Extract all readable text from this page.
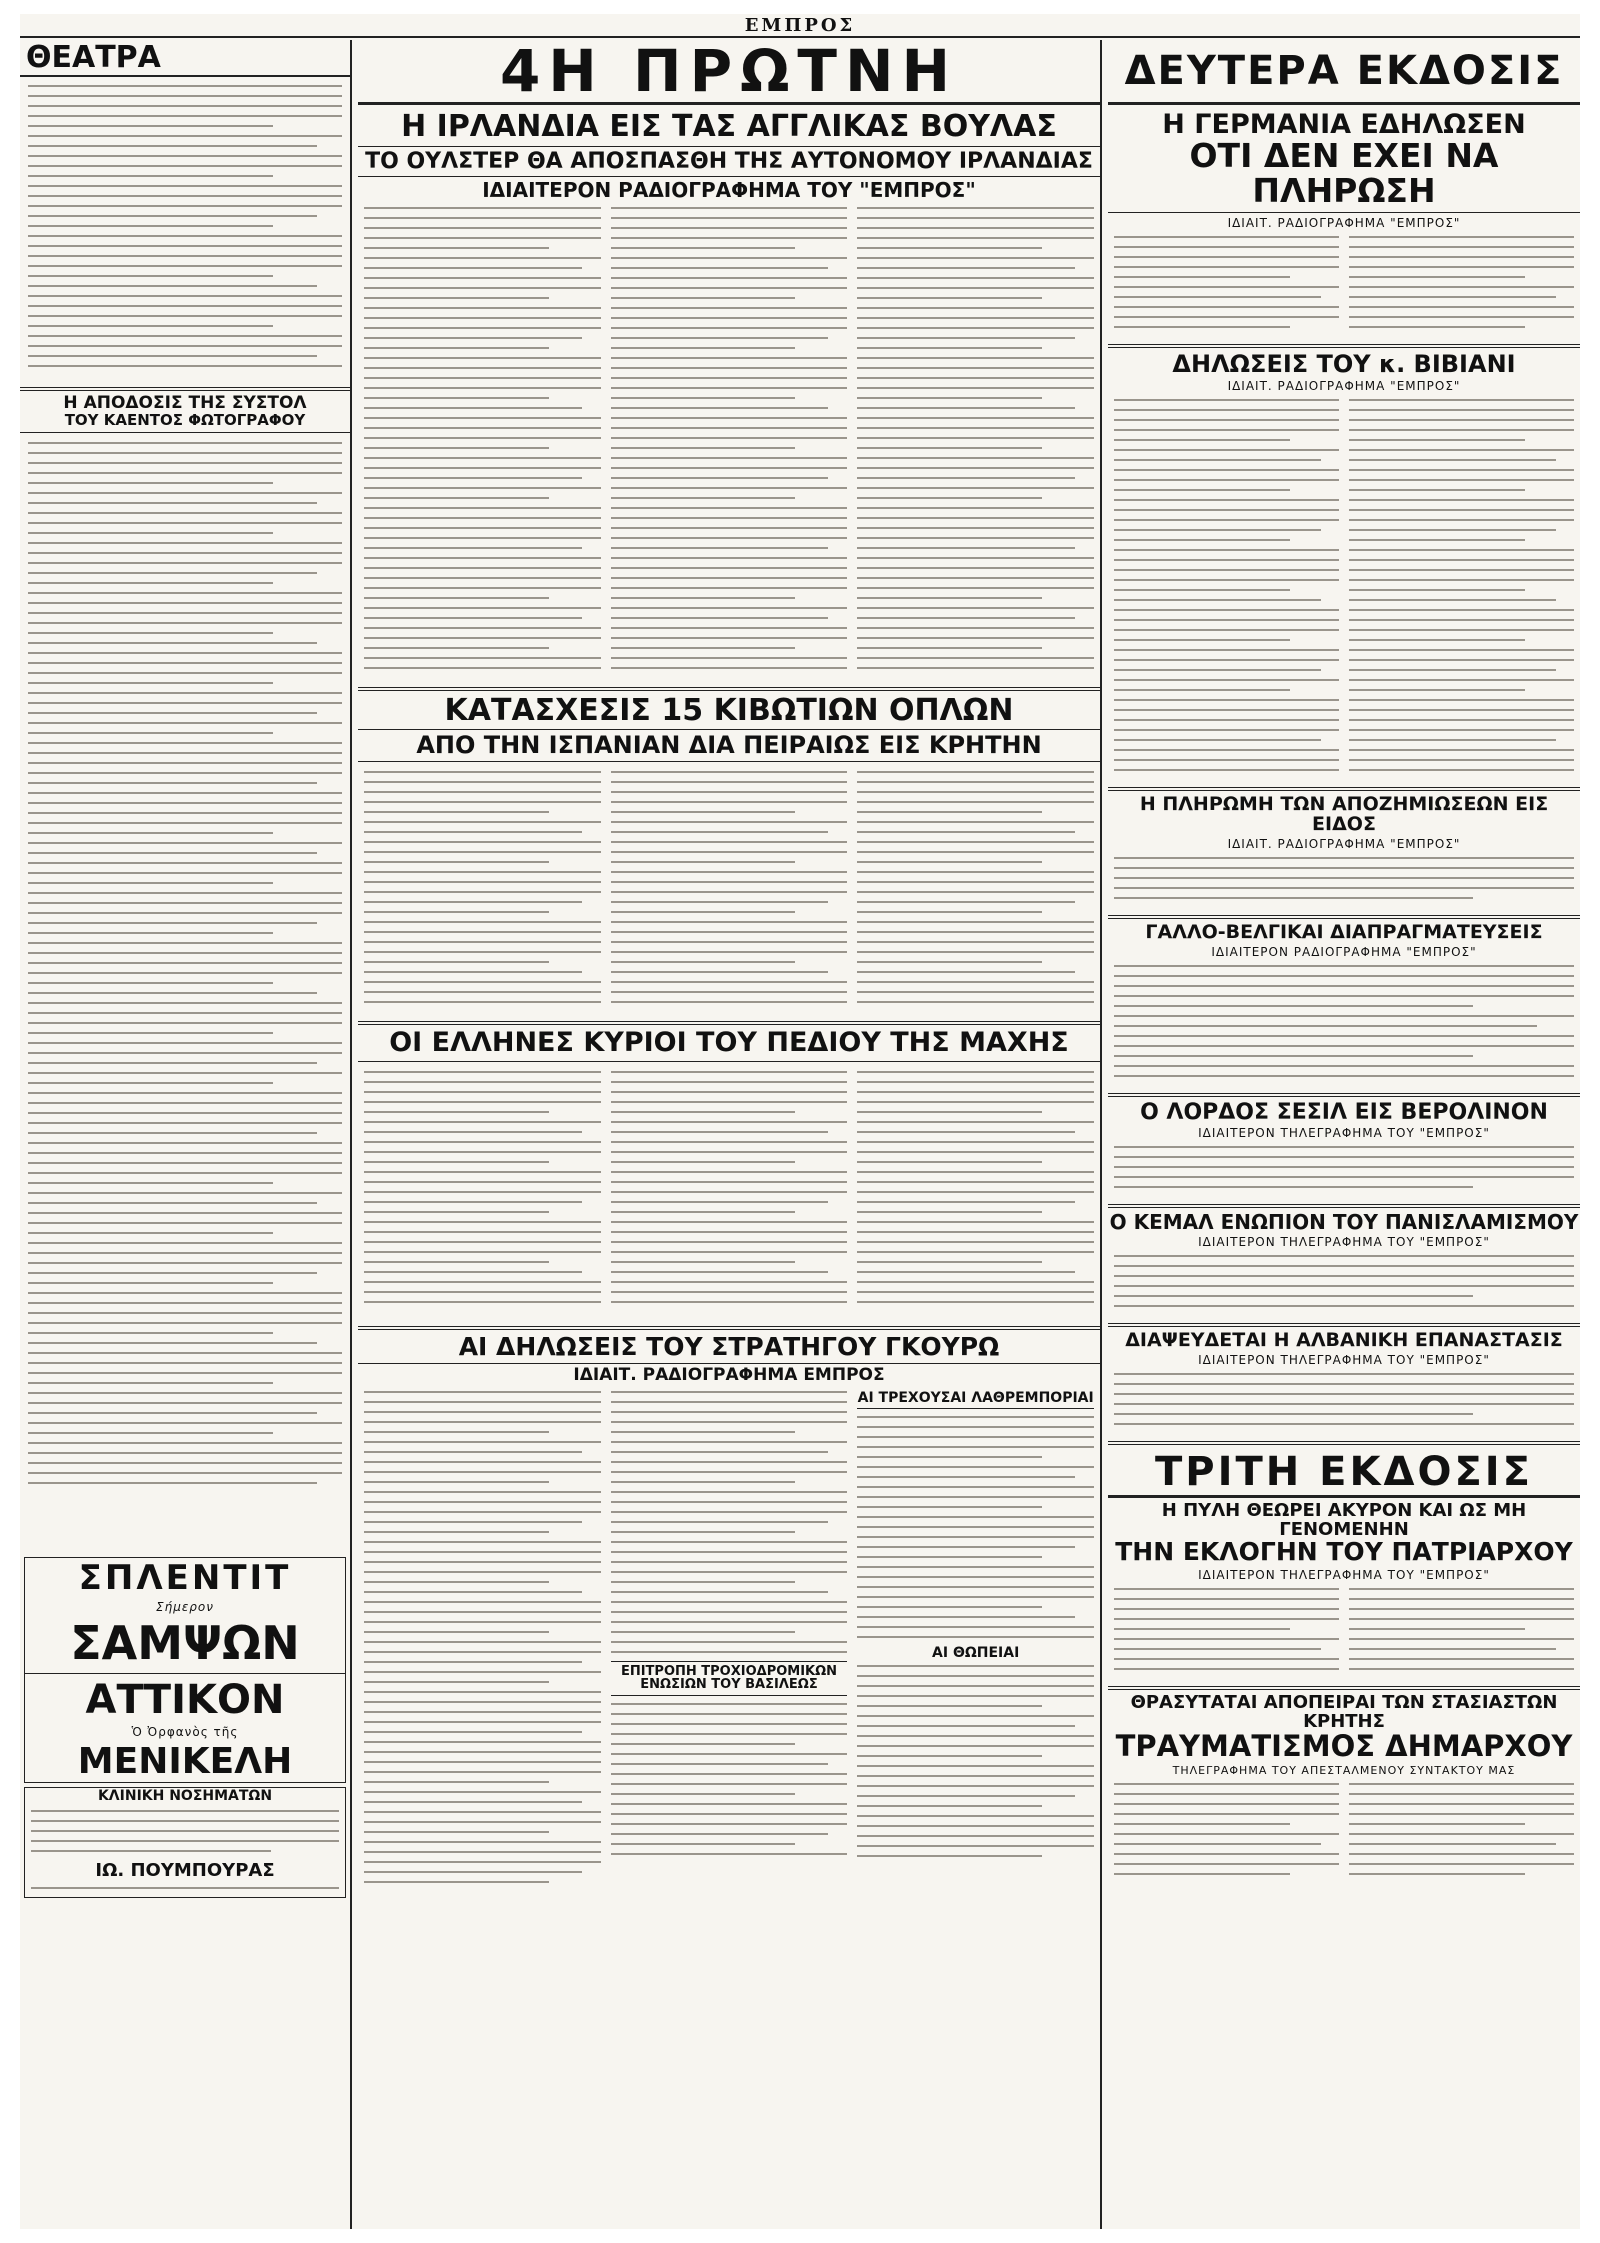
ΕΜΠΡΟΣ
ΘΕΑΤΡΑ
Η ΑΠΟΔΟΣΙΣ ΤΗΣ ΣΥΣΤΟΛ
ΤΟΥ ΚΑΕΝΤΟΣ ΦΩΤΟΓΡΑΦΟΥ
ΣΠΛΕΝΤΙΤ
Σήμερον
ΣΑΜΨΩΝ
ΑΤΤΙΚΟΝ
Ὁ Ὀρφανὸς τῆς
ΜΕΝΙΚΕΛΗ
ΚΛΙΝΙΚΗ ΝΟΣΗΜΑΤΩΝ
ΙΩ. ΠΟΥΜΠΟΥΡΑΣ
4Η ΠΡΩΤΝΗ
Η ΙΡΛΑΝΔΙΑ ΕΙΣ ΤΑΣ ΑΓΓΛΙΚΑΣ ΒΟΥΛΑΣ
ΤΟ ΟΥΛΣΤΕΡ ΘΑ ΑΠΟΣΠΑΣΘΗ ΤΗΣ ΑΥΤΟΝΟΜΟΥ ΙΡΛΑΝΔΙΑΣ
ΙΔΙΑΙΤΕΡΟΝ ΡΑΔΙΟΓΡΑΦΗΜΑ ΤΟΥ "ΕΜΠΡΟΣ"
ΚΑΤΑΣΧΕΣΙΣ 15 ΚΙΒΩΤΙΩΝ ΟΠΛΩΝ
ΑΠΟ ΤΗΝ ΙΣΠΑΝΙΑΝ ΔΙΑ ΠΕΙΡΑΙΩΣ ΕΙΣ ΚΡΗΤΗΝ
ΟΙ ΕΛΛΗΝΕΣ ΚΥΡΙΟΙ ΤΟΥ ΠΕΔΙΟΥ ΤΗΣ ΜΑΧΗΣ
ΑΙ ΔΗΛΩΣΕΙΣ ΤΟΥ ΣΤΡΑΤΗΓΟΥ ΓΚΟΥΡΩ
ΙΔΙΑΙΤ. ΡΑΔΙΟΓΡΑΦΗΜΑ ΕΜΠΡΟΣ
ΕΠΙΤΡΟΠΗ ΤΡΟΧΙΟΔΡΟΜΙΚΩΝ ΕΝΩΣΙΩΝ ΤΟΥ ΒΑΣΙΛΕΩΣ
ΑΙ ΤΡΕΧΟΥΣΑΙ ΛΑΘΡΕΜΠΟΡΙΑΙ
ΑΙ ΘΩΠΕΙΑΙ
ΔΕΥΤΕΡΑ ΕΚΔΟΣΙΣ
Η ΓΕΡΜΑΝΙΑ ΕΔΗΛΩΣΕΝ
ΟΤΙ ΔΕΝ ΕΧΕΙ ΝΑ ΠΛΗΡΩΣΗ
ΙΔΙΑΙΤ. ΡΑΔΙΟΓΡΑΦΗΜΑ "ΕΜΠΡΟΣ"
ΔΗΛΩΣΕΙΣ ΤΟΥ κ. ΒΙΒΙΑΝΙ
ΙΔΙΑΙΤ. ΡΑΔΙΟΓΡΑΦΗΜΑ "ΕΜΠΡΟΣ"
Η ΠΛΗΡΩΜΗ ΤΩΝ ΑΠΟΖΗΜΙΩΣΕΩΝ ΕΙΣ ΕΙΔΟΣ
ΙΔΙΑΙΤ. ΡΑΔΙΟΓΡΑΦΗΜΑ "ΕΜΠΡΟΣ"
ΓΑΛΛΟ-ΒΕΛΓΙΚΑΙ ΔΙΑΠΡΑΓΜΑΤΕΥΣΕΙΣ
ΙΔΙΑΙΤΕΡΟΝ ΡΑΔΙΟΓΡΑΦΗΜΑ "ΕΜΠΡΟΣ"
Ο ΛΟΡΔΟΣ ΣΕΣΙΛ ΕΙΣ ΒΕΡΟΛΙΝΟΝ
ΙΔΙΑΙΤΕΡΟΝ ΤΗΛΕΓΡΑΦΗΜΑ ΤΟΥ "ΕΜΠΡΟΣ"
Ο ΚΕΜΑΛ ΕΝΩΠΙΟΝ ΤΟΥ ΠΑΝΙΣΛΑΜΙΣΜΟΥ
ΙΔΙΑΙΤΕΡΟΝ ΤΗΛΕΓΡΑΦΗΜΑ ΤΟΥ "ΕΜΠΡΟΣ"
ΔΙΑΨΕΥΔΕΤΑΙ Η ΑΛΒΑΝΙΚΗ ΕΠΑΝΑΣΤΑΣΙΣ
ΙΔΙΑΙΤΕΡΟΝ ΤΗΛΕΓΡΑΦΗΜΑ ΤΟΥ "ΕΜΠΡΟΣ"
ΤΡΙΤΗ ΕΚΔΟΣΙΣ
Η ΠΥΛΗ ΘΕΩΡΕΙ ΑΚΥΡΟΝ ΚΑΙ ΩΣ ΜΗ ΓΕΝΟΜΕΝΗΝ
ΤΗΝ ΕΚΛΟΓΗΝ ΤΟΥ ΠΑΤΡΙΑΡΧΟΥ
ΙΔΙΑΙΤΕΡΟΝ ΤΗΛΕΓΡΑΦΗΜΑ ΤΟΥ "ΕΜΠΡΟΣ"
ΘΡΑΣΥΤΑΤΑΙ ΑΠΟΠΕΙΡΑΙ ΤΩΝ ΣΤΑΣΙΑΣΤΩΝ ΚΡΗΤΗΣ
ΤΡΑΥΜΑΤΙΣΜΟΣ ΔΗΜΑΡΧΟΥ
ΤΗΛΕΓΡΑΦΗΜΑ ΤΟΥ ΑΠΕΣΤΑΛΜΕΝΟΥ ΣΥΝΤΑΚΤΟΥ ΜΑΣ
